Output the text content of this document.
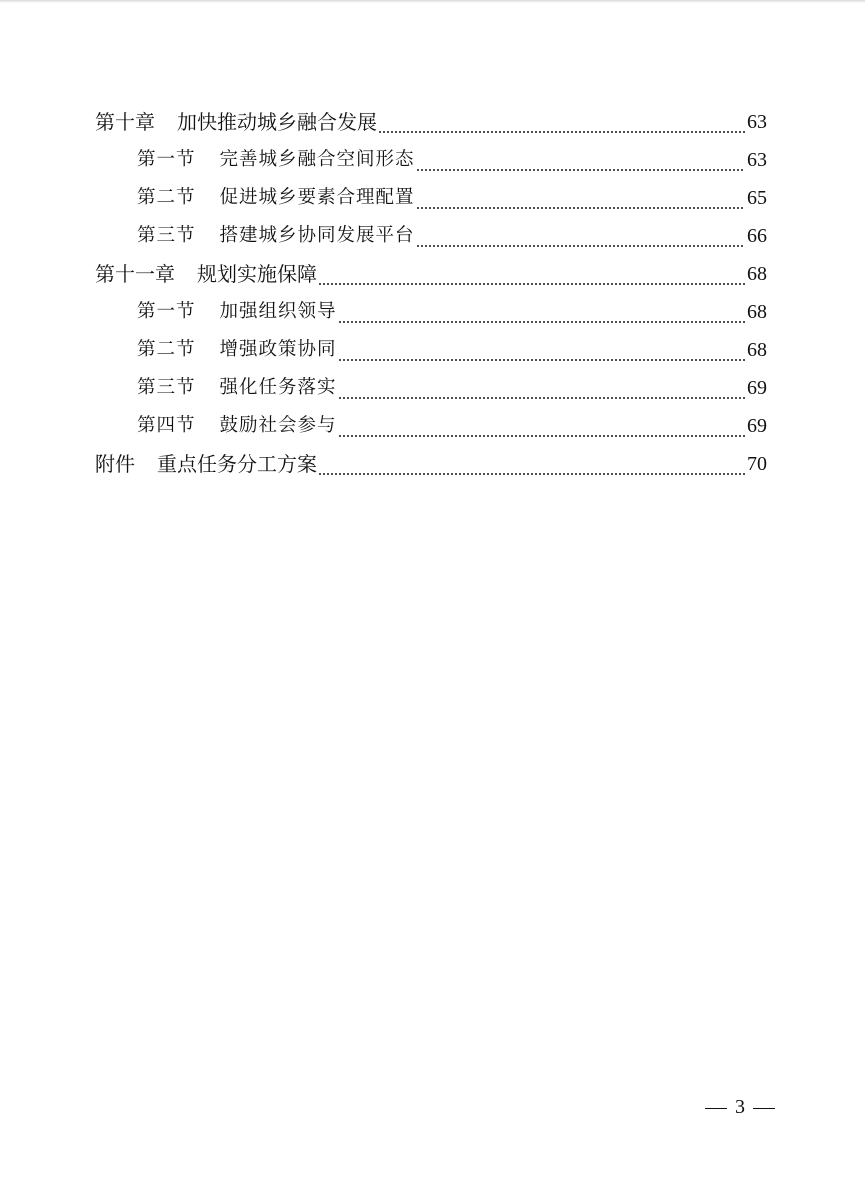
第十章 加快推动城乡融合发展	63
第一节 完善城乡融合空间形态	63
第二节 促进城乡要素合理配置	65
第三节 搭建城乡协同发展平台	66
第十一章 规划实施保障	68
第一节 加强组织领导	68
第二节 增强政策协同	68
第三节 强化任务落实	69
第四节 鼓励社会参与	69
附件 重点任务分工方案	70
3
